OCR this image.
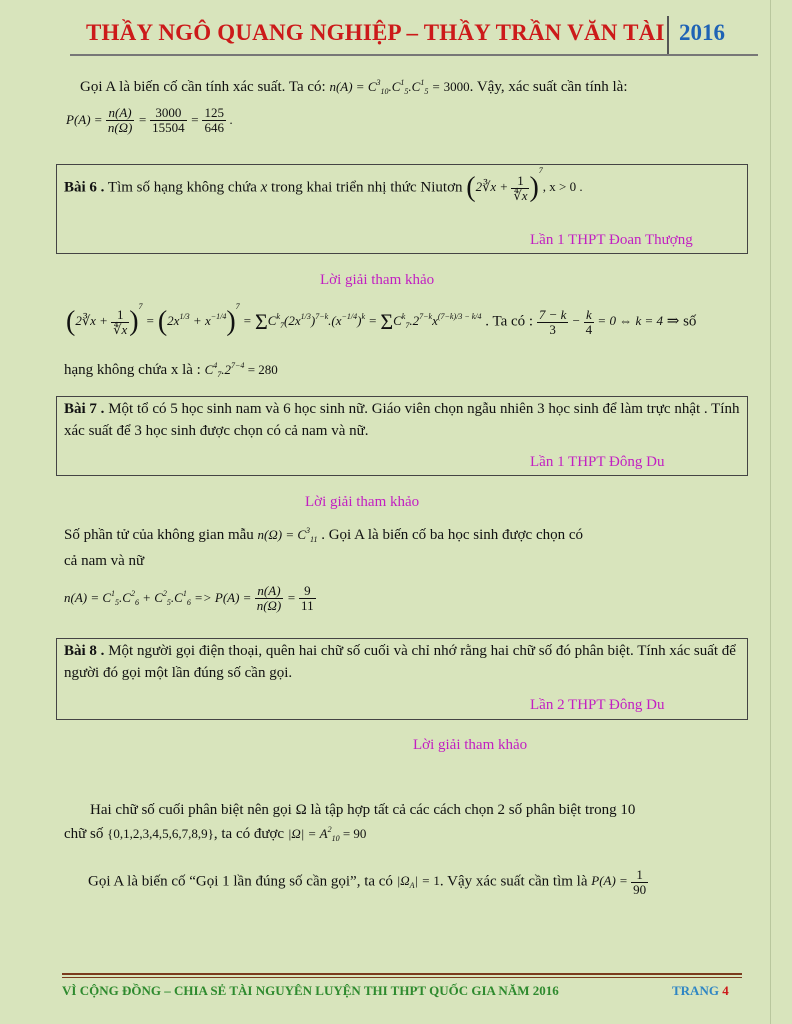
THẦY NGÔ QUANG NGHIỆP – THẦY TRẦN VĂN TÀI 2016
Gọi A là biến cố cần tính xác suất. Ta có: $n(A) = C^3_{10}.C^1_5.C^1_5 = 3000$. Vậy, xác suất cần tính là:
$P(A) = \frac{n(A)}{n(\Omega)} = \frac{3000}{15504} = \frac{125}{646}$ .
Bài 6 . Tìm số hạng không chứa x trong khai triển nhị thức Niutơn (2∛x + $\frac{1}{∜x} )^7$, x > 0 .
Lần 1 THPT Đoan Thượng
Lời giải tham khảo
(2∛x + $\frac{1}{∜x} )^7 = (2x^{1/3} + x^{-1/4})^7 = \Sigma C^k_7(2x^{1/3})^{7-k}.(x^{-1/4})^k = \Sigma C^k_7.2^{7-k}x^{(7-k)/3 - k/4}$ . Ta có : $\frac{7 - k}{3} - \frac{k}{4} = 0$ ⇔ k = 4 ⇒ số
hạng không chứa x là : $C^4_7.2^{7-4} = 280$
Bài 7 . Một tổ có 5 học sinh nam và 6 học sinh nữ. Giáo viên chọn ngẫu nhiên 3 học sinh để làm trực nhật . Tính xác suất để 3 học sinh được chọn có cả nam và nữ.
Lần 1 THPT Đông Du
Lời giải tham khảo
Số phần tử của không gian mẫu $n(\Omega) = C^3_{11}$ . Gọi A là biến cố ba học sinh được chọn có
cả nam và nữ
$n(A) = C^1_5.C^2_6 + C^2_5.C^1_6 => P(A) = \frac{n(A)}{n(\Omega)} = \frac{9}{11}$
Bài 8 . Một người gọi điện thoại, quên hai chữ số cuối và chỉ nhớ rằng hai chữ số đó phân biệt. Tính xác suất để người đó gọi một lần đúng số cần gọi.
Lần 2 THPT Đông Du
Lời giải tham khảo
Hai chữ số cuối phân biệt nên gọi Ω là tập hợp tất cả các cách chọn 2 số phân biệt trong 10
chữ số {0,1,2,3,4,5,6,7,8,9}, ta có được $|\Omega| = A^2_{10} = 90$
Gọi A là biến cố “Gọi 1 lần đúng số cần gọi”, ta có $|\Omega_A| = 1$. Vậy xác suất cần tìm là $P(A) = \frac{1}{90}$
VÌ CỘNG ĐỒNG – CHIA SẺ TÀI NGUYÊN LUYỆN THI THPT QUỐC GIA NĂM 2016	TRANG 4
